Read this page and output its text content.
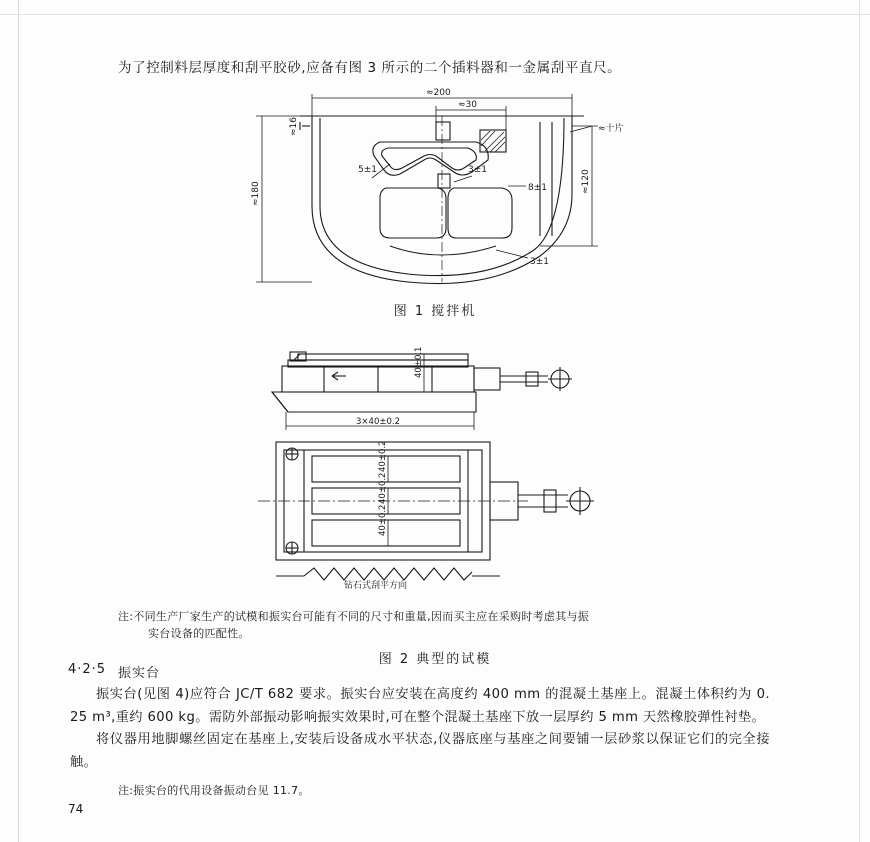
为了控制料层厚度和刮平胶砂,应备有图 3 所示的二个插料器和一金属刮平直尺。
≈200
≈30
≈十片
5±1	3±1
8±1
3±1
≈180	≈120
≈16
图 1 搅拌机
40±0.1
3×40±0.2
40±0.2
40±0.2
40±0.2
钻石式刮平方向
注:不同生产厂家生产的试模和振实台可能有不同的尺寸和重量,因而买主应在采购时考虑其与振
实台设备的匹配性。
图 2 典型的试模
4·2·5 振实台

振实台(见图 4)应符合 JC/T 682 要求。振实台应安装在高度约 400 mm 的混凝土基座上。混凝土体积约为 0. 25 m³,重约 600 kg。需防外部振动影响振实效果时,可在整个混凝土基座下放一层厚约 5 mm 天然橡胶弹性衬垫。

将仪器用地脚螺丝固定在基座上,安装后设备成水平状态,仪器底座与基座之间要铺一层砂浆以保证它们的完全接触。

注:振实台的代用设备振动台见 11.7。
74
